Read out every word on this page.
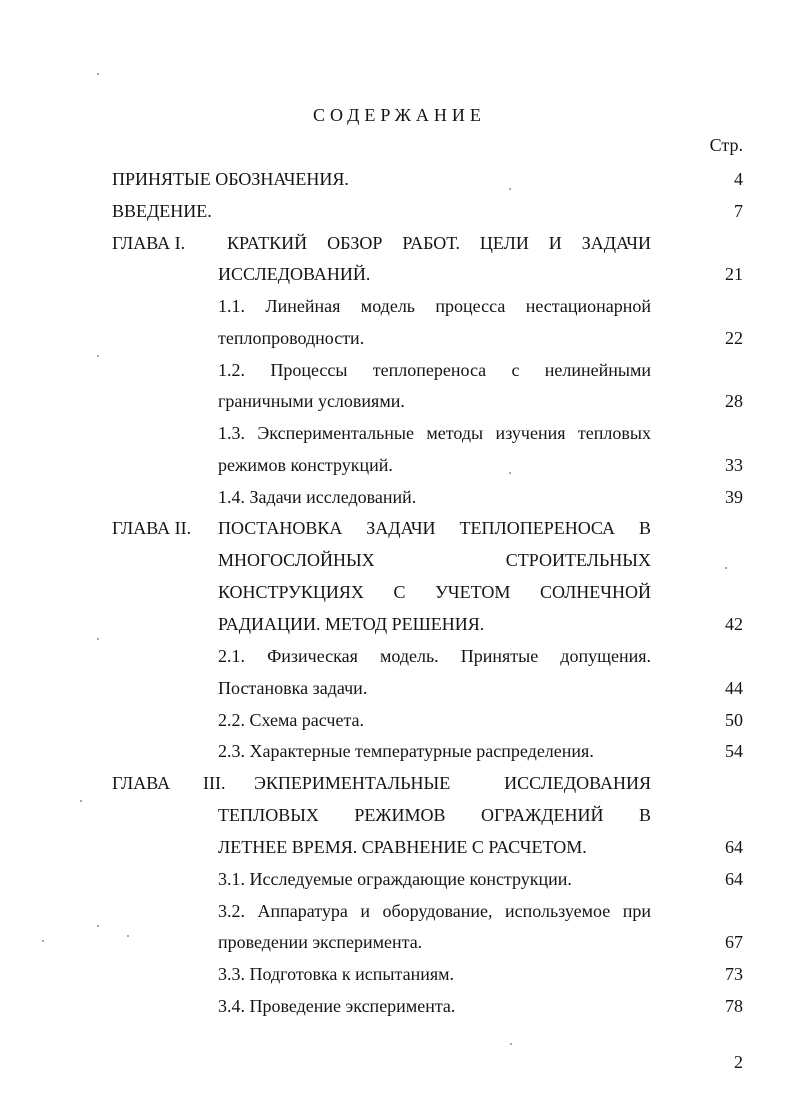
СОДЕРЖАНИЕ
Стр.
ПРИНЯТЫЕ ОБОЗНАЧЕНИЯ.	4
ВВЕДЕНИЕ.	7
ГЛАВА I. КРАТКИЙ ОБЗОР РАБОТ. ЦЕЛИ И ЗАДАЧИ
ИССЛЕДОВАНИЙ.	21
1.1. Линейная модель процесса нестационарной
теплопроводности.	22
1.2. Процессы теплопереноса с нелинейными
граничными условиями.	28
1.3. Экспериментальные методы изучения тепловых
режимов конструкций.	33
1.4. Задачи исследований.	39
ГЛАВА II. ПОСТАНОВКА ЗАДАЧИ ТЕПЛОПЕРЕНОСА В
МНОГОСЛОЙНЫХ СТРОИТЕЛЬНЫХ
КОНСТРУКЦИЯХ С УЧЕТОМ СОЛНЕЧНОЙ
РАДИАЦИИ. МЕТОД РЕШЕНИЯ.	42
2.1. Физическая модель. Принятые допущения.
Постановка задачи.	44
2.2. Схема расчета.	50
2.3. Характерные температурные распределения.	54
ГЛАВА III. ЭКПЕРИМЕНТАЛЬНЫЕ ИССЛЕДОВАНИЯ
ТЕПЛОВЫХ РЕЖИМОВ ОГРАЖДЕНИЙ В
ЛЕТНЕЕ ВРЕМЯ. СРАВНЕНИЕ С РАСЧЕТОМ.	64
3.1. Исследуемые ограждающие конструкции.	64
3.2. Аппаратура и оборудование, используемое при
проведении эксперимента.	67
3.3. Подготовка к испытаниям.	73
3.4. Проведение эксперимента.	78
2
